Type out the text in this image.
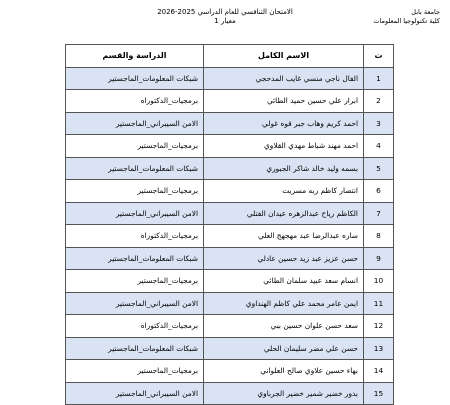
جامعة بابل
كلية تكنولوجيا المعلومات
الامتحان التنافسي للعام الدراسي 2025-2026
معيار 1
ت	الاسم الكامل	الدراسة والقسم
1	الفال ناجي منسي غايب المدحجي	شبكات المعلومات_الماجستير
2	ابرار علي حسين حميد الطائي	برمجيات_الدكتوراه
3	احمد كريم وهاب جبر قوه غولي	الامن السيبراني_الماجستير
4	احمد مهند شباط مهدي القلاوي	برمجيات_الماجستير
5	بسمه وليد خالد شاكر الجبوري	شبكات المعلومات_الماجستير
6	انتصار كاظم ربه مسريت	برمجيات_الماجستير
7	الكاظم رياح عبدالزهره عيدان الفتلي	الامن السيبراني_الماجستير
8	ساره عبدالرضا عبد مهجهج العلي	برمجيات_الدكتوراه
9	حسن عزيز عبد زيد حسين عادلي	شبكات المعلومات_الماجستير
10	انسام سعد عبيد سلمان الطائي	برمجيات_الماجستير
11	ايمن عامر محمد علي كاظم الهنداوي	الامن السيبراني_الماجستير
12	سعد حسن علوان حسين ببي	برمجيات_الدكتوراه
13	حسن علي مضر سليمان الحلي	شبكات المعلومات_الماجستير
14	بهاء حسين علاوي صالح العلواني	برمجيات_الماجستير
15	بدور خضير شمير خضير الجرباوي	الامن السيبراني_الماجستير
